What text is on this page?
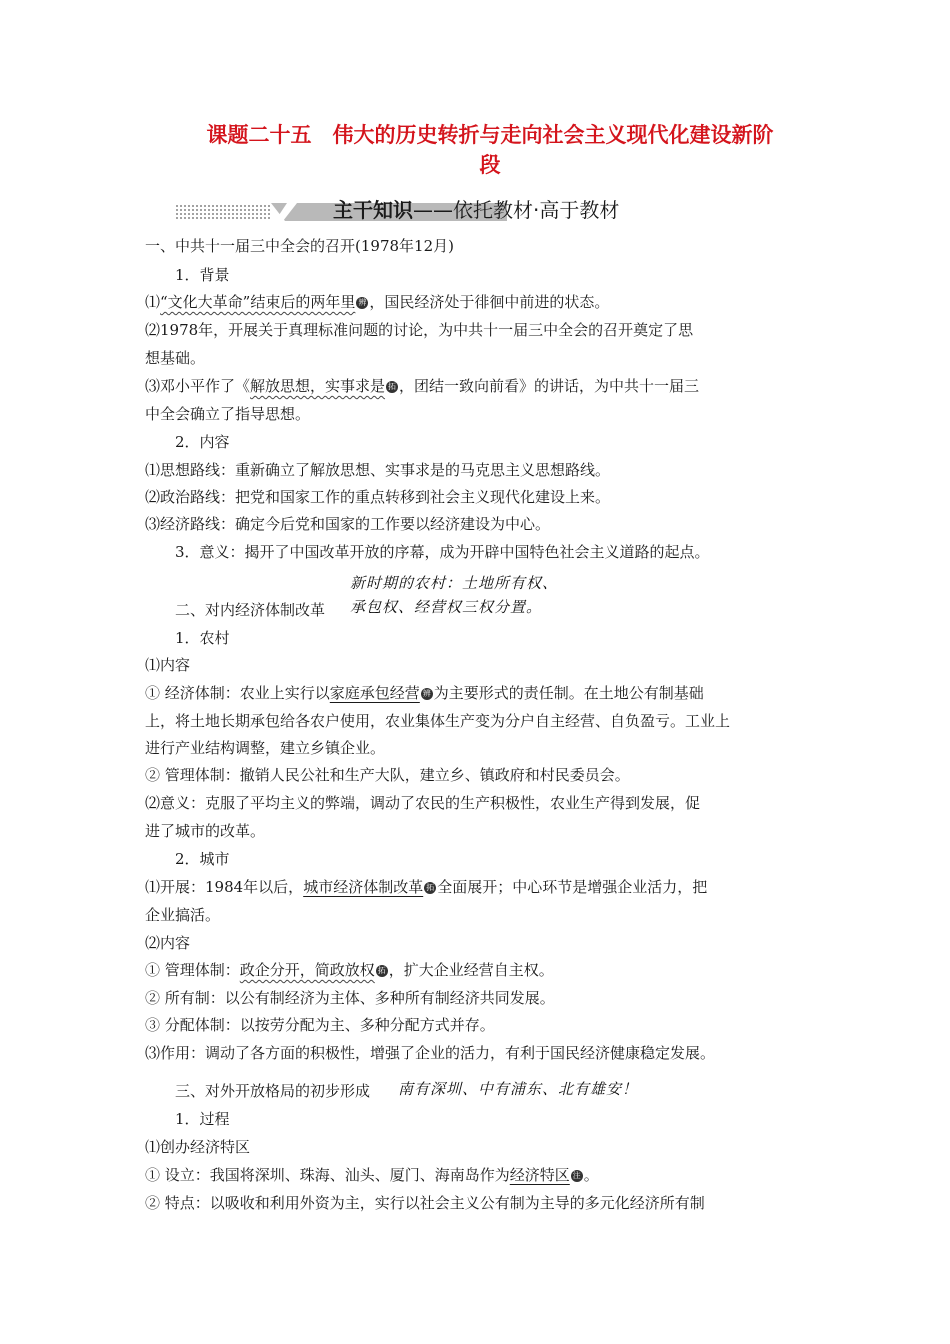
课题二十五　伟大的历史转折与走向社会主义现代化建设新阶
段
主干知识——依托教材·高于教材
一、中共十一届三中全会的召开(1978年12月)
1．背景
⑴“文化大革命”结束后的两年里 辨 ，国民经济处于徘徊中前进的状态。
⑵1978年，开展关于真理标准问题的讨论，为中共十一届三中全会的召开奠定了思
想基础。
⑶邓小平作了《解放思想，实事求是 拓 ，团结一致向前看》的讲话，为中共十一届三
中全会确立了指导思想。
2．内容
⑴思想路线：重新确立了解放思想、实事求是的马克思主义思想路线。
⑵政治路线：把党和国家工作的重点转移到社会主义现代化建设上来。
⑶经济路线：确定今后党和国家的工作要以经济建设为中心。
3．意义：揭开了中国改革开放的序幕，成为开辟中国特色社会主义道路的起点。
新时期的农村：土地所有权、
承包权、经营权三权分置。
二、对内经济体制改革
1．农村
⑴内容
① 经济体制：农业上实行以家庭承包经营 辨 为主要形式的责任制。在土地公有制基础
上，将土地长期承包给各农户使用，农业集体生产变为分户自主经营、自负盈亏。工业上
进行产业结构调整，建立乡镇企业。
② 管理体制：撤销人民公社和生产大队，建立乡、镇政府和村民委员会。
⑵意义：克服了平均主义的弊端，调动了农民的生产积极性，农业生产得到发展，促
进了城市的改革。
2．城市
⑴开展：1984年以后，城市经济体制改革 拓 全面展开；中心环节是增强企业活力，把
企业搞活。
⑵内容
① 管理体制：政企分开，简政放权 拓 ，扩大企业经营自主权。
② 所有制：以公有制经济为主体、多种所有制经济共同发展。
③ 分配体制：以按劳分配为主、多种分配方式并存。
⑶作用：调动了各方面的积极性，增强了企业的活力，有利于国民经济健康稳定发展。
三、对外开放格局的初步形成 南有深圳、中有浦东、北有雄安！
1．过程
⑴创办经济特区
① 设立：我国将深圳、珠海、汕头、厦门、海南岛作为经济特区 注 。
② 特点：以吸收和利用外资为主，实行以社会主义公有制为主导的多元化经济所有制
